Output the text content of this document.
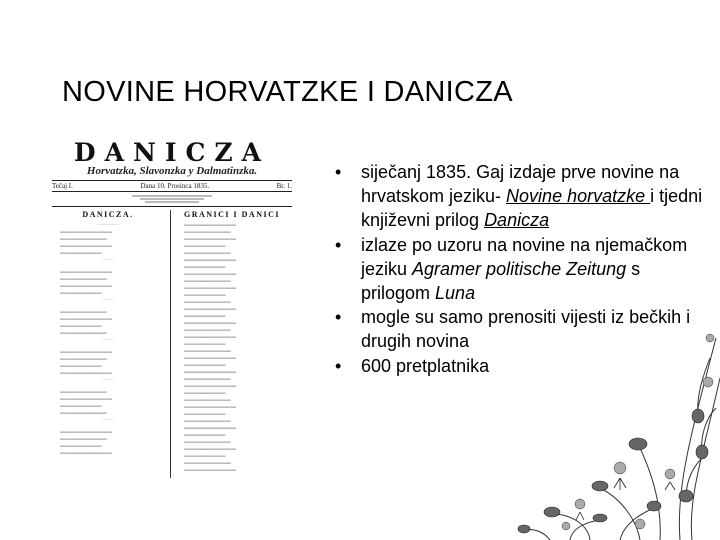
NOVINE HORVATZKE I DANICZA
DANICZA
Horvatzka, Slavonzka y Dalmatinzka.
Tečaj I.	Dana 10. Prosinca 1835.	Br. 1.
DANICZA.
————
▬▬▬▬▬▬▬▬▬▬
▬▬▬▬▬▬▬▬▬
▬▬▬▬▬▬▬▬▬▬
▬▬▬▬▬▬▬▬
——
▬▬▬▬▬▬▬▬▬▬
▬▬▬▬▬▬▬▬▬
▬▬▬▬▬▬▬▬▬▬
▬▬▬▬▬▬▬▬
——
▬▬▬▬▬▬▬▬▬
▬▬▬▬▬▬▬▬▬▬
▬▬▬▬▬▬▬▬
▬▬▬▬▬▬▬▬▬
——
▬▬▬▬▬▬▬▬▬▬
▬▬▬▬▬▬▬▬▬
▬▬▬▬▬▬▬▬
▬▬▬▬▬▬▬▬▬▬
——
▬▬▬▬▬▬▬▬▬
▬▬▬▬▬▬▬▬▬▬
▬▬▬▬▬▬▬▬
▬▬▬▬▬▬▬▬▬
——
▬▬▬▬▬▬▬▬▬▬
▬▬▬▬▬▬▬▬▬
▬▬▬▬▬▬▬▬
▬▬▬▬▬▬▬▬▬▬
GRANICI I DANICI
▬▬▬▬▬▬▬▬▬▬
▬▬▬▬▬▬▬▬▬
▬▬▬▬▬▬▬▬▬▬
▬▬▬▬▬▬▬▬
▬▬▬▬▬▬▬▬▬
▬▬▬▬▬▬▬▬▬▬
▬▬▬▬▬▬▬▬
▬▬▬▬▬▬▬▬▬▬
▬▬▬▬▬▬▬▬▬
▬▬▬▬▬▬▬▬▬▬
▬▬▬▬▬▬▬▬
▬▬▬▬▬▬▬▬▬
▬▬▬▬▬▬▬▬▬▬
▬▬▬▬▬▬▬▬
▬▬▬▬▬▬▬▬▬▬
▬▬▬▬▬▬▬▬▬
▬▬▬▬▬▬▬▬▬▬
▬▬▬▬▬▬▬▬
▬▬▬▬▬▬▬▬▬
▬▬▬▬▬▬▬▬▬▬
▬▬▬▬▬▬▬▬
▬▬▬▬▬▬▬▬▬▬
▬▬▬▬▬▬▬▬▬
▬▬▬▬▬▬▬▬▬▬
▬▬▬▬▬▬▬▬
▬▬▬▬▬▬▬▬▬
▬▬▬▬▬▬▬▬▬▬
▬▬▬▬▬▬▬▬
▬▬▬▬▬▬▬▬▬
▬▬▬▬▬▬▬▬▬▬
▬▬▬▬▬▬▬▬
▬▬▬▬▬▬▬▬▬
▬▬▬▬▬▬▬▬▬▬
▬▬▬▬▬▬▬▬
▬▬▬▬▬▬▬▬▬
▬▬▬▬▬▬▬▬▬▬
• siječanj 1835. Gaj izdaje prve novine na hrvatskom jeziku- Novine horvatzke i tjedni književni prilog Danicza
• izlaze po uzoru na novine na njemačkom jeziku Agramer politische Zeitung s prilogom Luna
• mogle su samo prenositi vijesti iz bečkih i drugih novina
• 600 pretplatnika
